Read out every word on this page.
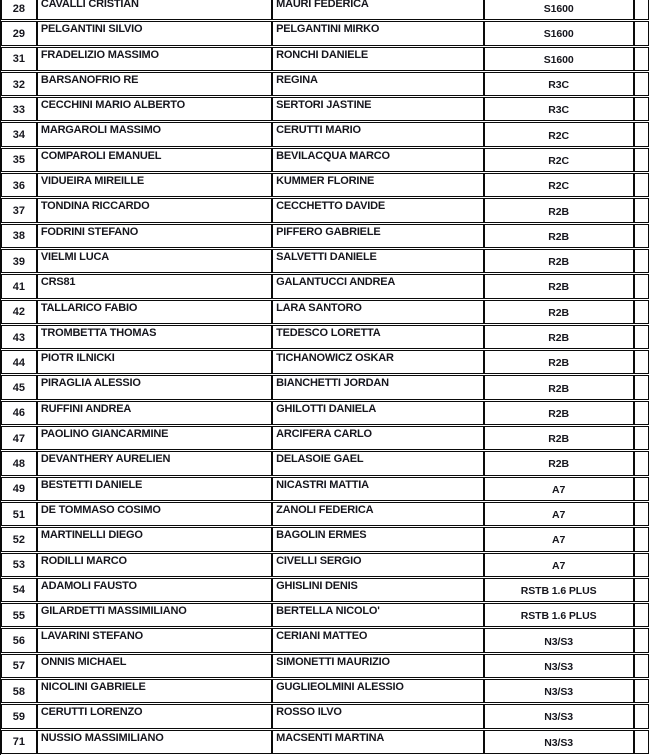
28	CAVALLI CRISTIAN	MAURI FEDERICA	S1600	
29	PELGANTINI SILVIO	PELGANTINI MIRKO	S1600	
31	FRADELIZIO MASSIMO	RONCHI DANIELE	S1600	
32	BARSANOFRIO RE	REGINA	R3C	
33	CECCHINI MARIO ALBERTO	SERTORI JASTINE	R3C	
34	MARGAROLI MASSIMO	CERUTTI MARIO	R2C	
35	COMPAROLI EMANUEL	BEVILACQUA MARCO	R2C	
36	VIDUEIRA MIREILLE	KUMMER FLORINE	R2C	
37	TONDINA RICCARDO	CECCHETTO DAVIDE	R2B	
38	FODRINI STEFANO	PIFFERO GABRIELE	R2B	
39	VIELMI LUCA	SALVETTI DANIELE	R2B	
41	CRS81	GALANTUCCI ANDREA	R2B	
42	TALLARICO FABIO	LARA SANTORO	R2B	
43	TROMBETTA THOMAS	TEDESCO LORETTA	R2B	
44	PIOTR ILNICKI	TICHANOWICZ OSKAR	R2B	
45	PIRAGLIA ALESSIO	BIANCHETTI JORDAN	R2B	
46	RUFFINI ANDREA	GHILOTTI DANIELA	R2B	
47	PAOLINO GIANCARMINE	ARCIFERA CARLO	R2B	
48	DEVANTHERY AURELIEN	DELASOIE GAEL	R2B	
49	BESTETTI DANIELE	NICASTRI MATTIA	A7	
51	DE TOMMASO COSIMO	ZANOLI FEDERICA	A7	
52	MARTINELLI DIEGO	BAGOLIN ERMES	A7	
53	RODILLI MARCO	CIVELLI SERGIO	A7	
54	ADAMOLI FAUSTO	GHISLINI DENIS	RSTB 1.6 PLUS	
55	GILARDETTI MASSIMILIANO	BERTELLA NICOLO'	RSTB 1.6 PLUS	
56	LAVARINI STEFANO	CERIANI MATTEO	N3/S3	
57	ONNIS MICHAEL	SIMONETTI MAURIZIO	N3/S3	
58	NICOLINI GABRIELE	GUGLIEOLMINI ALESSIO	N3/S3	
59	CERUTTI LORENZO	ROSSO ILVO	N3/S3	
71	NUSSIO MASSIMILIANO	MACSENTI MARTINA	N3/S3	
